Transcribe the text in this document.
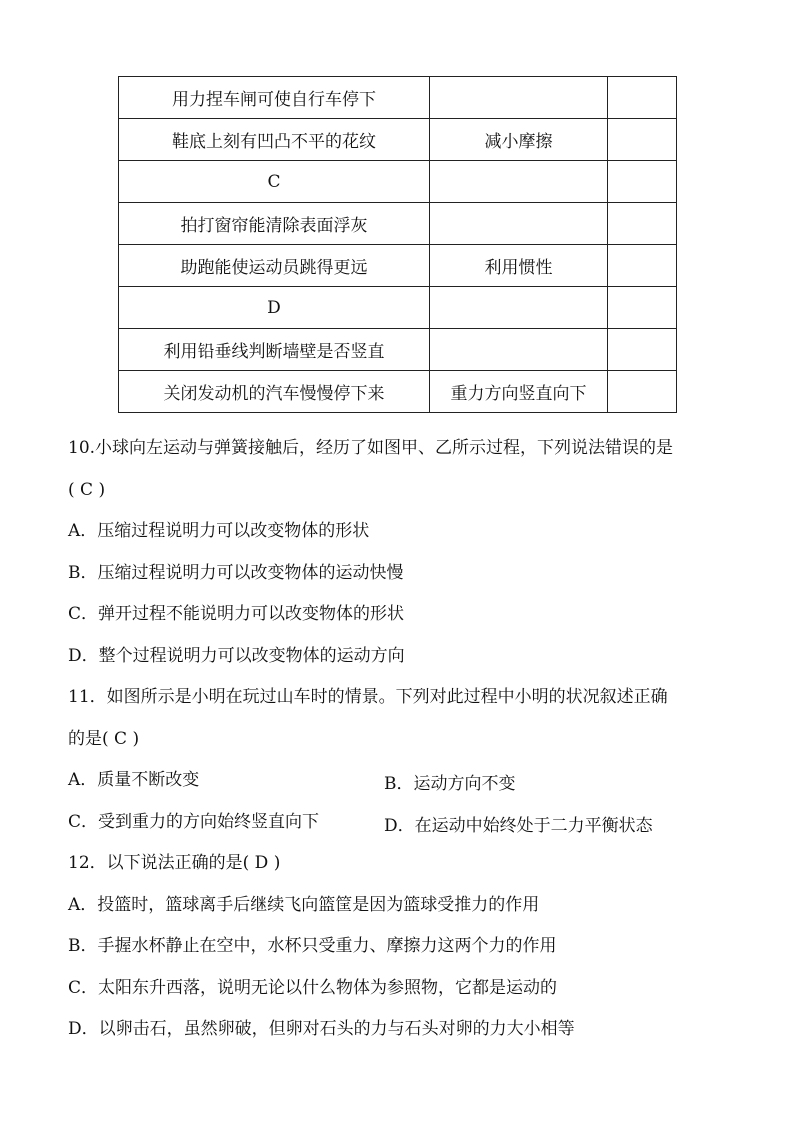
用力捏车闸可使自行车停下		
鞋底上刻有凹凸不平的花纹	减小摩擦	
C		
拍打窗帘能清除表面浮灰		
助跑能使运动员跳得更远	利用惯性	
D		
利用铅垂线判断墙壁是否竖直		
关闭发动机的汽车慢慢停下来	重力方向竖直向下	
10.小球向左运动与弹簧接触后，经历了如图甲、乙所示过程，下列说法错误的是
( C )
A．压缩过程说明力可以改变物体的形状
B．压缩过程说明力可以改变物体的运动快慢
C．弹开过程不能说明力可以改变物体的形状
D．整个过程说明力可以改变物体的运动方向
11．如图所示是小明在玩过山车时的情景。下列对此过程中小明的状况叙述正确
的是( C )
A．质量不断改变	B．运动方向不变
C．受到重力的方向始终竖直向下	D．在运动中始终处于二力平衡状态
12．以下说法正确的是( D )
A．投篮时，篮球离手后继续飞向篮筐是因为篮球受推力的作用
B．手握水杯静止在空中，水杯只受重力、摩擦力这两个力的作用
C．太阳东升西落，说明无论以什么物体为参照物，它都是运动的
D．以卵击石，虽然卵破，但卵对石头的力与石头对卵的力大小相等
